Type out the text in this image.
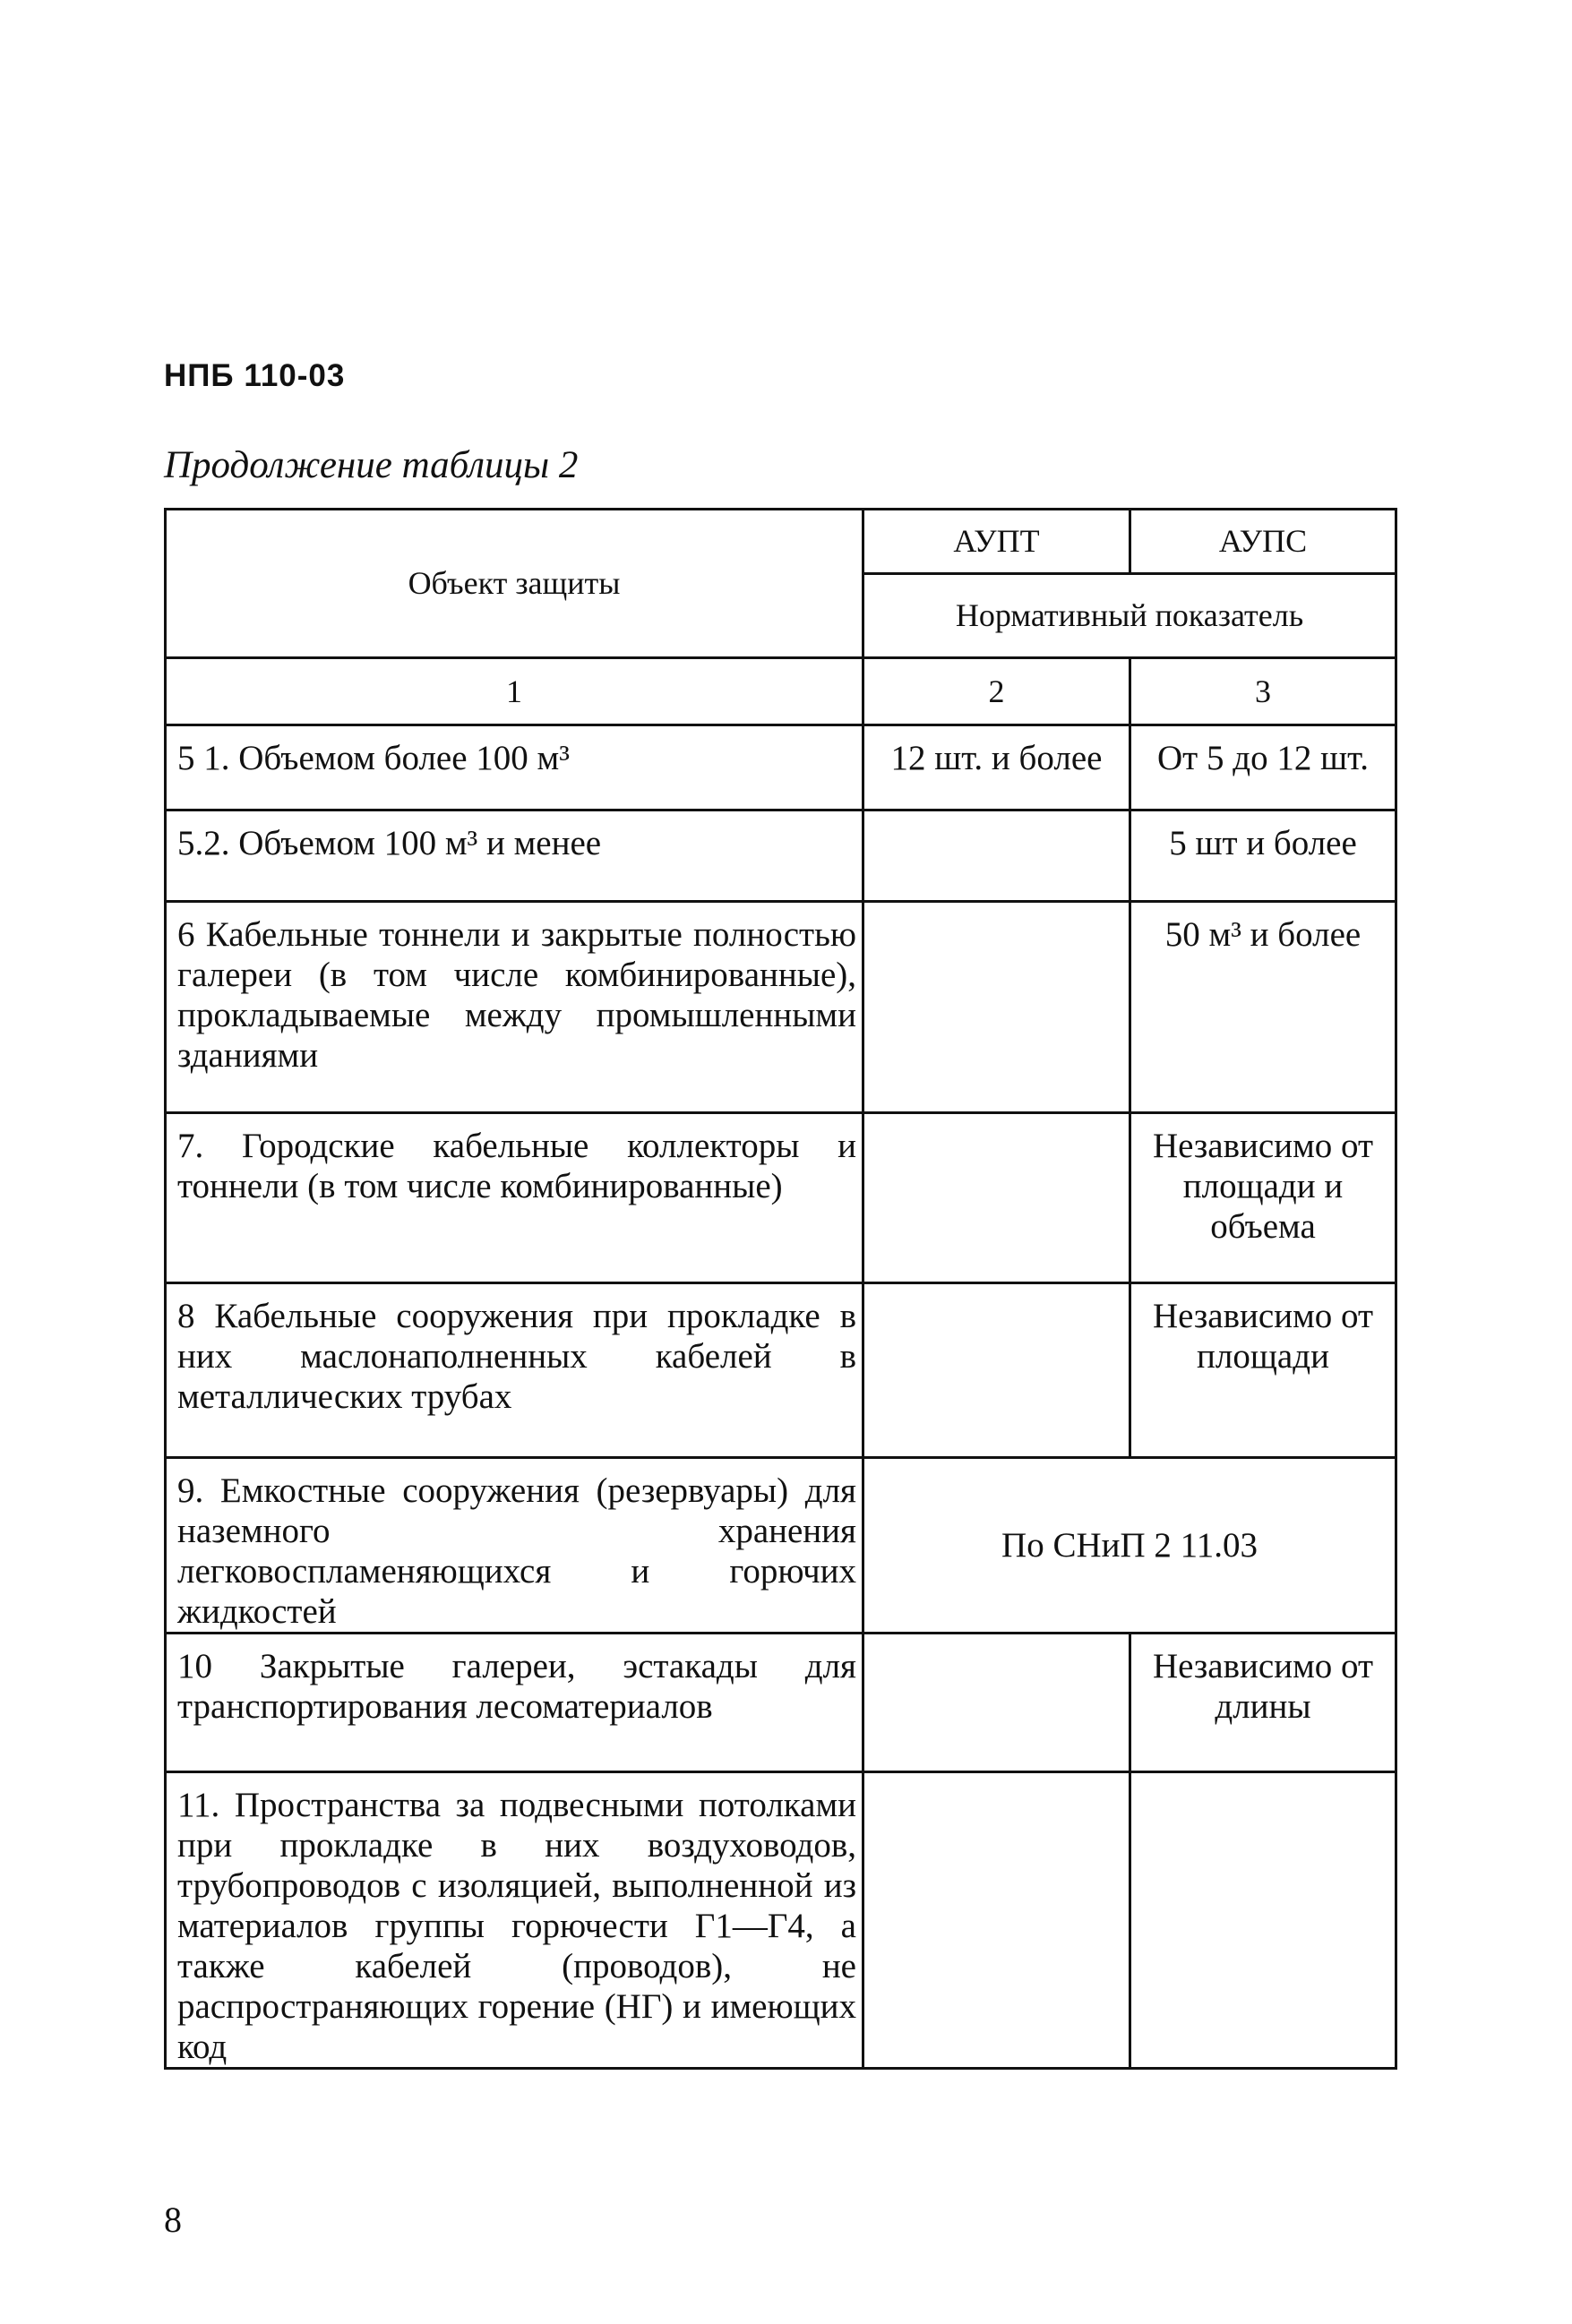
НПБ 110-03
Продолжение таблицы 2
Объект защиты	АУПТ	АУПС
	Нормативный показатель	
1	2	3
5 1. Объемом более 100 м³	12 шт. и более	От 5 до 12 шт.
5.2. Объемом 100 м³ и менее		5 шт и более
6 Кабельные тоннели и закрытые полностью галереи (в том числе комбинированные), прокладываемые между промышленными зданиями		50 м³ и более
7. Городские кабельные коллекторы и тоннели (в том числе комбинированные)		Независимо от площади и объема
8 Кабельные сооружения при прокладке в них маслонаполненных кабелей в металлических трубах		Независимо от площади
9. Емкостные сооружения (резервуары) для наземного хранения легковоспламеняющихся и горючих жидкостей	По СНиП 2 11.03	
10 Закрытые галереи, эстакады для транспортирования лесоматериалов		Независимо от длины
11. Пространства за подвесными потолками при прокладке в них воздуховодов, трубопроводов с изоляцией, выполненной из материалов группы горючести Г1—Г4, а также кабелей (проводов), не распространяющих горение (НГ) и имеющих код		
8
